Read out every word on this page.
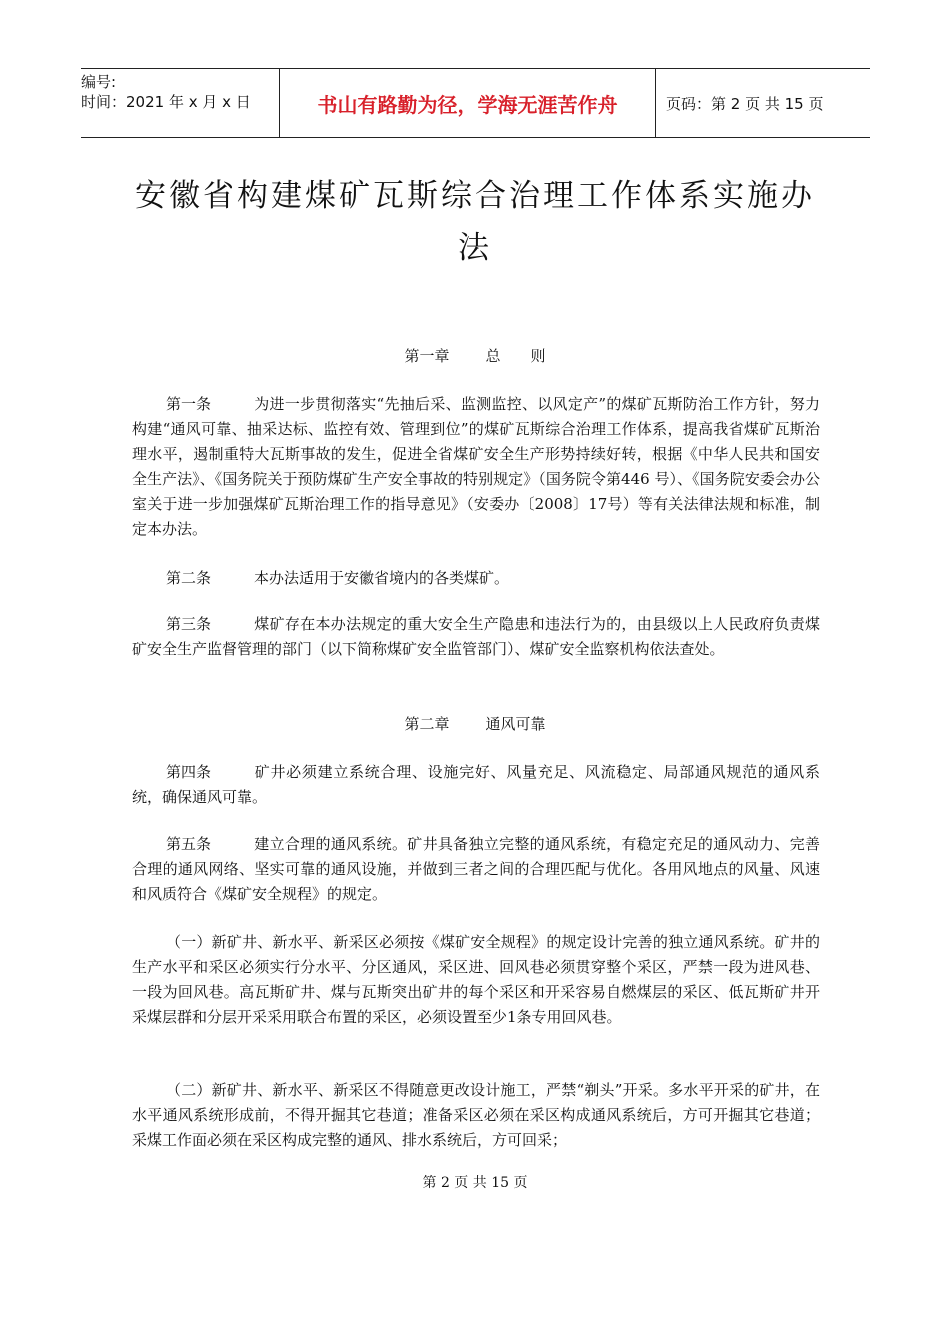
编号:
时间：2021 年 x 月 x 日	书山有路勤为径，学海无涯苦作舟	页码：第 2 页 共 15 页
安徽省构建煤矿瓦斯综合治理工作体系实施办
法
第一章 总　　则
第一条	为进一步贯彻落实“先抽后采、监测监控、以风定产”的煤矿瓦斯防治工作方针，努力构建“通风可靠、抽采达标、监控有效、管理到位”的煤矿瓦斯综合治理工作体系，提高我省煤矿瓦斯治理水平，遏制重特大瓦斯事故的发生，促进全省煤矿安全生产形势持续好转，根据《中华人民共和国安全生产法》、《国务院关于预防煤矿生产安全事故的特别规定》（国务院令第446 号）、《国务院安委会办公室关于进一步加强煤矿瓦斯治理工作的指导意见》（安委办〔2008〕17号）等有关法律法规和标准，制定本办法。
第二条	本办法适用于安徽省境内的各类煤矿。
第三条	煤矿存在本办法规定的重大安全生产隐患和违法行为的，由县级以上人民政府负责煤矿安全生产监督管理的部门（以下简称煤矿安全监管部门）、煤矿安全监察机构依法查处。
第二章 通风可靠
第四条	矿井必须建立系统合理、设施完好、风量充足、风流稳定、局部通风规范的通风系统，确保通风可靠。
第五条	建立合理的通风系统。矿井具备独立完整的通风系统，有稳定充足的通风动力、完善合理的通风网络、坚实可靠的通风设施，并做到三者之间的合理匹配与优化。各用风地点的风量、风速和风质符合《煤矿安全规程》的规定。
（一）新矿井、新水平、新采区必须按《煤矿安全规程》的规定设计完善的独立通风系统。矿井的生产水平和采区必须实行分水平、分区通风，采区进、回风巷必须贯穿整个采区，严禁一段为进风巷、一段为回风巷。高瓦斯矿井、煤与瓦斯突出矿井的每个采区和开采容易自燃煤层的采区、低瓦斯矿井开采煤层群和分层开采采用联合布置的采区，必须设置至少1条专用回风巷。
（二）新矿井、新水平、新采区不得随意更改设计施工，严禁“剃头”开采。多水平开采的矿井，在水平通风系统形成前，不得开掘其它巷道；准备采区必须在采区构成通风系统后，方可开掘其它巷道；采煤工作面必须在采区构成完整的通风、排水系统后，方可回采；
第 2 页 共 15 页
